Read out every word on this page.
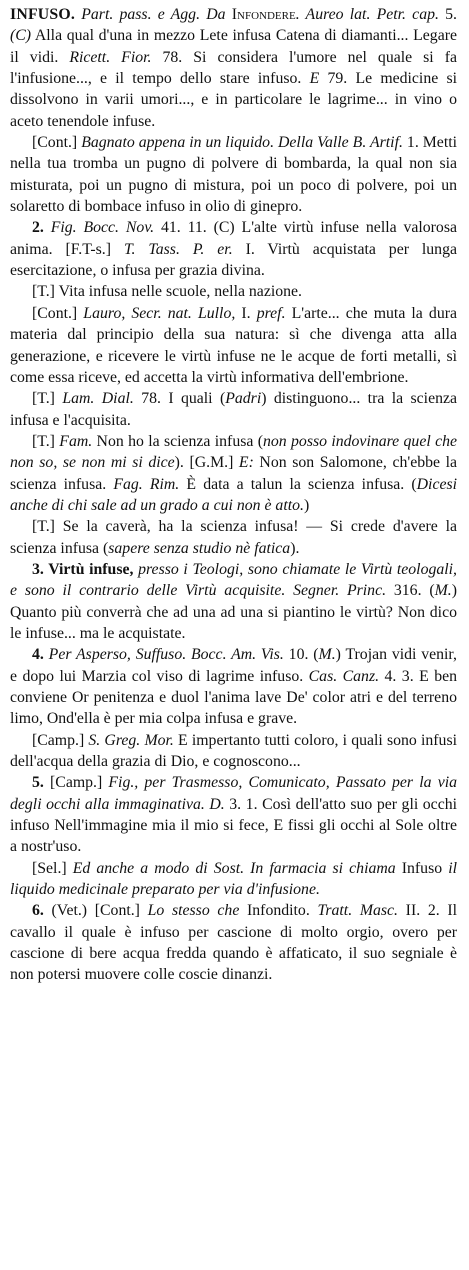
INFUSO. Part. pass. e Agg. Da Infondere. Aureo lat. Petr. cap. 5. (C) Alla qual d'una in mezzo Lete infusa Catena di diamanti... Legare il vidi. Ricett. Fior. 78. Si considera l'umore nel quale si fa l'infusione..., e il tempo dello stare infuso. E 79. Le medicine si dissolvono in varii umori..., e in particolare le lagrime... in vino o aceto tenendole infuse.

[Cont.] Bagnato appena in un liquido. Della Valle B. Artif. 1. Metti nella tua tromba un pugno di polvere di bombarda, la qual non sia misturata, poi un pugno di mistura, poi un poco di polvere, poi un solaretto di bombace infuso in olio di ginepro.

2. Fig. Bocc. Nov. 41. 11. (C) L'alte virtù infuse nella valorosa anima. [F.T-s.] T. Tass. P. er. I. Virtù acquistata per lunga esercitazione, o infusa per grazia divina.

[T.] Vita infusa nelle scuole, nella nazione.

[Cont.] Lauro, Secr. nat. Lullo, I. pref. L'arte... che muta la dura materia dal principio della sua natura: sì che divenga atta alla generazione, e ricevere le virtù infuse ne le acque de forti metalli, sì come essa riceve, ed accetta la virtù informativa dell'embrione.

[T.] Lam. Dial. 78. I quali (Padri) distinguono... tra la scienza infusa e l'acquisita.

[T.] Fam. Non ho la scienza infusa (non posso indovinare quel che non so, se non mi si dice). [G.M.] E: Non son Salomone, ch'ebbe la scienza infusa. Fag. Rim. È data a talun la scienza infusa. (Dicesi anche di chi sale ad un grado a cui non è atto.)

[T.] Se la caverà, ha la scienza infusa! — Si crede d'avere la scienza infusa (sapere senza studio nè fatica).

3. Virtù infuse, presso i Teologi, sono chiamate le Virtù teologali, e sono il contrario delle Virtù acquisite. Segner. Princ. 316. (M.) Quanto più converrà che ad una ad una si piantino le virtù? Non dico le infuse... ma le acquistate.

4. Per Asperso, Suffuso. Bocc. Am. Vis. 10. (M.) Trojan vidi venir, e dopo lui Marzia col viso di lagrime infuso. Cas. Canz. 4. 3. E ben conviene Or penitenza e duol l'anima lave De' color atri e del terreno limo, Ond'ella è per mia colpa infusa e grave.

[Camp.] S. Greg. Mor. E impertanto tutti coloro, i quali sono infusi dell'acqua della grazia di Dio, e cognoscono...

5. [Camp.] Fig., per Trasmesso, Comunicato, Passato per la via degli occhi alla immaginativa. D. 3. 1. Così dell'atto suo per gli occhi infuso Nell'immagine mia il mio si fece, E fissi gli occhi al Sole oltre a nostr'uso.

[Sel.] Ed anche a modo di Sost. In farmacia si chiama Infuso il liquido medicinale preparato per via d'infusione.

6. (Vet.) [Cont.] Lo stesso che Infondito. Tratt. Masc. II. 2. Il cavallo il quale è infuso per cascione di molto orgio, overo per cascione di bere acqua fredda quando è affaticato, il suo segniale è non potersi muovere colle coscie dinanzi.
